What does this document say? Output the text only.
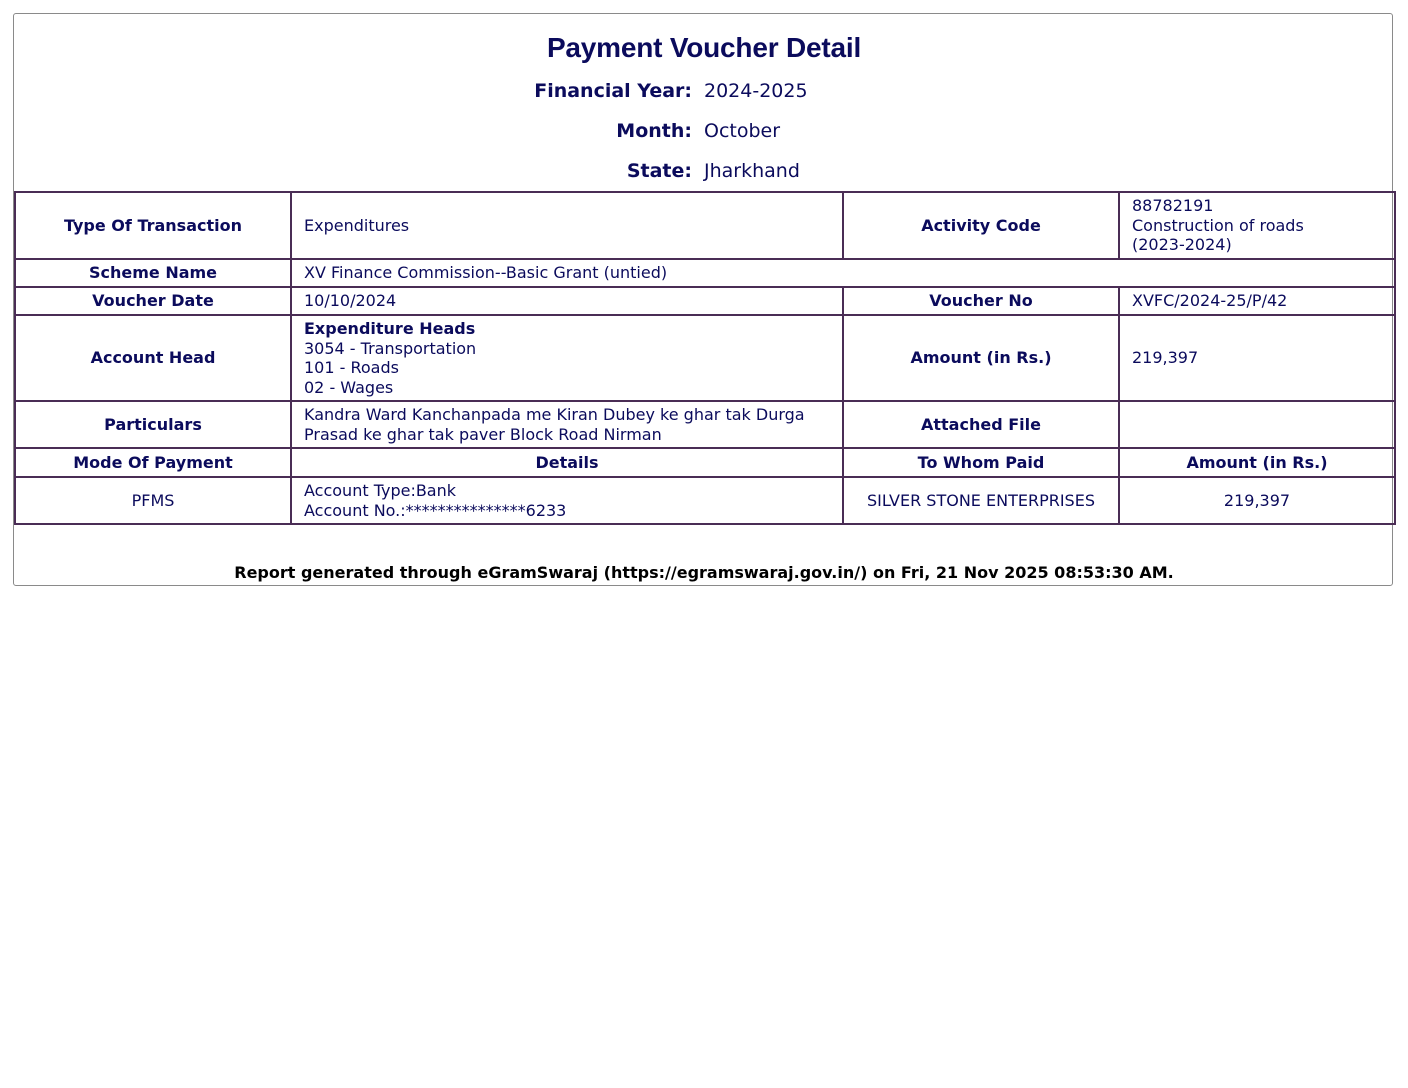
Payment Voucher Detail
Financial Year: 2024-2025
Month: October
State: Jharkhand
Type Of Transaction	Expenditures	Activity Code	88782191
Construction of roads
(2023-2024)

Scheme Name	XV Finance Commission--Basic Grant (untied)		
Voucher Date	10/10/2024	Voucher No	XVFC/2024-25/P/42
Account Head	Expenditure Heads
3054 - Transportation
101 - Roads
02 - Wages	Amount (in Rs.)	219,397
Particulars	Kandra Ward Kanchanpada me Kiran Dubey ke ghar tak Durga
Prasad ke ghar tak paver Block Road Nirman	Attached File	
Mode Of Payment	Details	To Whom Paid	Amount (in Rs.)
PFMS	Account Type:Bank
Account No.:***************6233	SILVER STONE ENTERPRISES	219,397
Report generated through eGramSwaraj (https://egramswaraj.gov.in/) on Fri, 21 Nov 2025 08:53:30 AM.
